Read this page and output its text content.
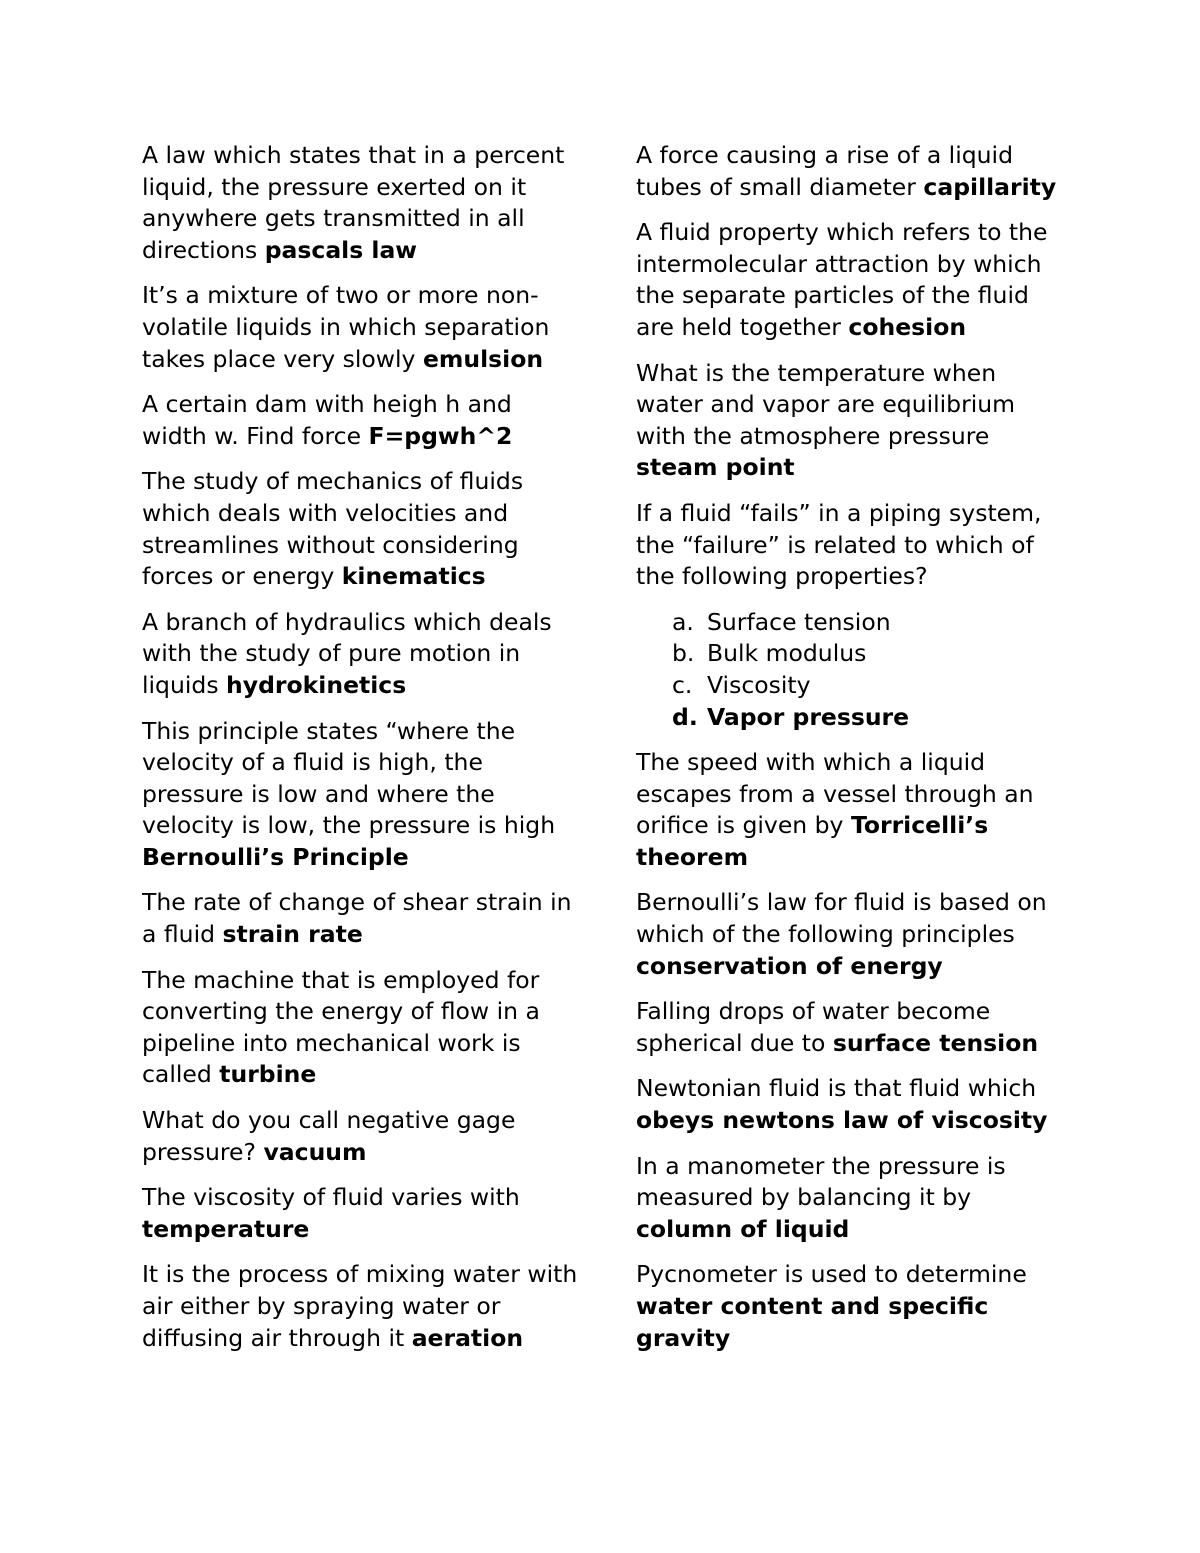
A law which states that in a percent liquid, the pressure exerted on it anywhere gets transmitted in all directions pascals law

It’s a mixture of two or more non-volatile liquids in which separation takes place very slowly emulsion

A certain dam with heigh h and width w. Find force F=pgwh^2

The study of mechanics of fluids which deals with velocities and streamlines without considering forces or energy kinematics

A branch of hydraulics which deals with the study of pure motion in liquids hydrokinetics

This principle states “where the velocity of a fluid is high, the pressure is low and where the velocity is low, the pressure is high Bernoulli’s Principle

The rate of change of shear strain in a fluid strain rate

The machine that is employed for converting the energy of flow in a pipeline into mechanical work is called turbine

What do you call negative gage pressure? vacuum

The viscosity of fluid varies with temperature

It is the process of mixing water with air either by spraying water or diffusing air through it aeration

A force causing a rise of a liquid tubes of small diameter capillarity

A fluid property which refers to the intermolecular attraction by which the separate particles of the fluid are held together cohesion

What is the temperature when water and vapor are equilibrium with the atmosphere pressure steam point

If a fluid “fails” in a piping system, the “failure” is related to which of the following properties?

a. Surface tension
b. Bulk modulus
c. Viscosity
d. Vapor pressure

The speed with which a liquid escapes from a vessel through an orifice is given by Torricelli’s theorem

Bernoulli’s law for fluid is based on which of the following principles conservation of energy

Falling drops of water become spherical due to surface tension

Newtonian fluid is that fluid which obeys newtons law of viscosity

In a manometer the pressure is measured by balancing it by column of liquid

Pycnometer is used to determine water content and specific gravity
